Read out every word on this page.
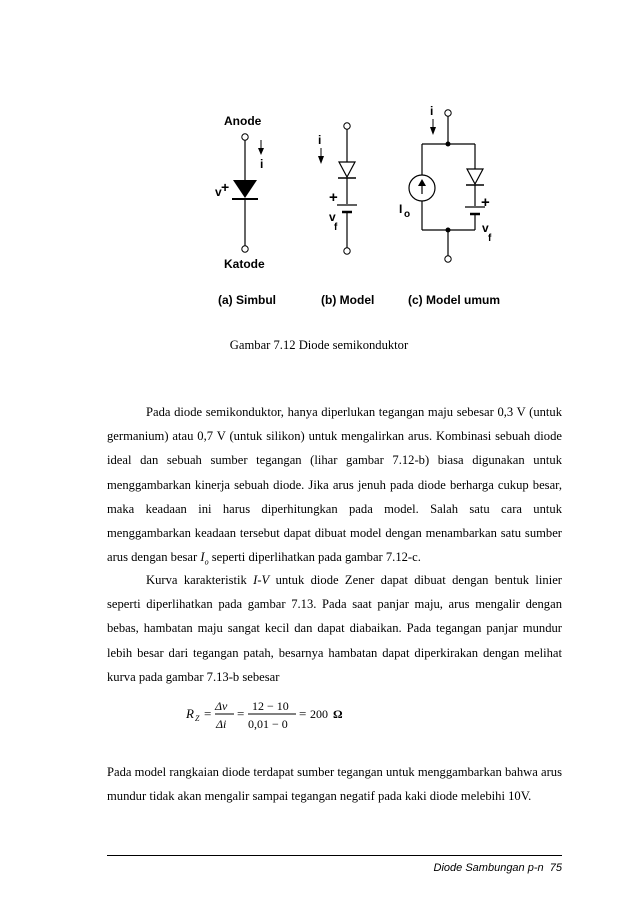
Anode
Katode
i
v +
(a) Simbul
i
+
v
f
(b) Model
i
I o
+
v
f
(c) Model umum
Gambar 7.12 Diode semikonduktor

Pada diode semikonduktor, hanya diperlukan tegangan maju sebesar 0,3 V (untuk germanium) atau 0,7 V (untuk silikon) untuk mengalirkan arus. Kombinasi sebuah diode ideal dan sebuah sumber tegangan (lihar gambar 7.12-b) biasa digunakan untuk menggambarkan kinerja sebuah diode. Jika arus jenuh pada diode berharga cukup besar, maka keadaan ini harus diperhitungkan pada model. Salah satu cara untuk menggambarkan keadaan tersebut dapat dibuat model dengan menambarkan satu sumber arus dengan besar $I_o$ seperti diperlihatkan pada gambar 7.12-c.

Kurva karakteristik I-V untuk diode Zener dapat dibuat dengan bentuk linier seperti diperlihatkan pada gambar 7.13. Pada saat panjar maju, arus mengalir dengan bebas, hambatan maju sangat kecil dan dapat diabaikan. Pada tegangan panjar mundur lebih besar dari tegangan patah, besarnya hambatan dapat diperkirakan dengan melihat kurva pada gambar 7.13-b sebesar

R Z = Δv
Δi
= 12 − 10
0,01 − 0
= 200 Ω

Pada model rangkaian diode terdapat sumber tegangan untuk menggambarkan bahwa arus mundur tidak akan mengalir sampai tegangan negatif pada kaki diode melebihi 10V.

Diode Sambungan p-n 75
